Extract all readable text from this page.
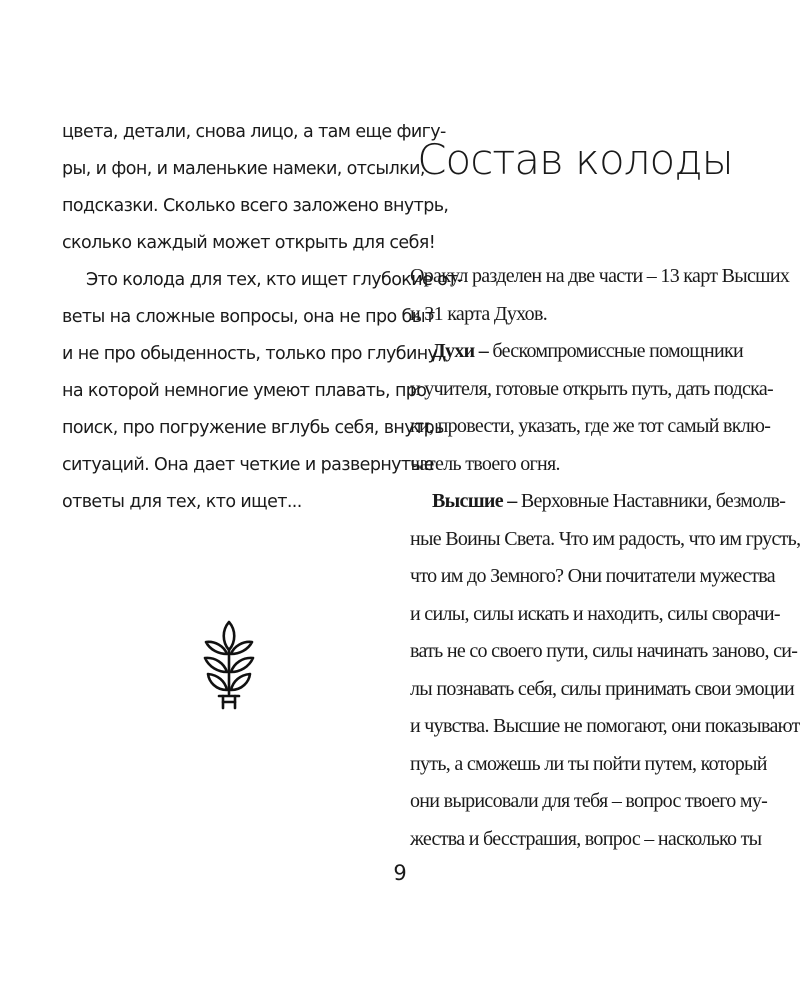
цвета, детали, снова лицо, а там еще фигу-
ры, и фон, и маленькие намеки, отсылки,
подсказки. Сколько всего заложено внутрь,
сколько каждый может открыть для себя!
Это колода для тех, кто ищет глубокие от-
веты на сложные вопросы, она не про быт
и не про обыденность, только про глубину,
на которой немногие умеют плавать, про
поиск, про погружение вглубь себя, внутрь
ситуаций. Она дает четкие и развернутые
ответы для тех, кто ищет...
Состав колоды
Оракул разделен на две части – 13 карт Высших
и 31 карта Духов.
Духи – бескомпромиссные помощники
и учителя, готовые открыть путь, дать подска-
ки, провести, указать, где же тот самый вклю-
чатель твоего огня.
Высшие – Верховные Наставники, безмолв-
ные Воины Света. Что им радость, что им грусть,
что им до Земного? Они почитатели мужества
и силы, силы искать и находить, силы сворачи-
вать не со своего пути, силы начинать заново, си-
лы познавать себя, силы принимать свои эмоции
и чувства. Высшие не помогают, они показывают
путь, а сможешь ли ты пойти путем, который
они вырисовали для тебя – вопрос твоего му-
жества и бесстрашия, вопрос – насколько ты
9
